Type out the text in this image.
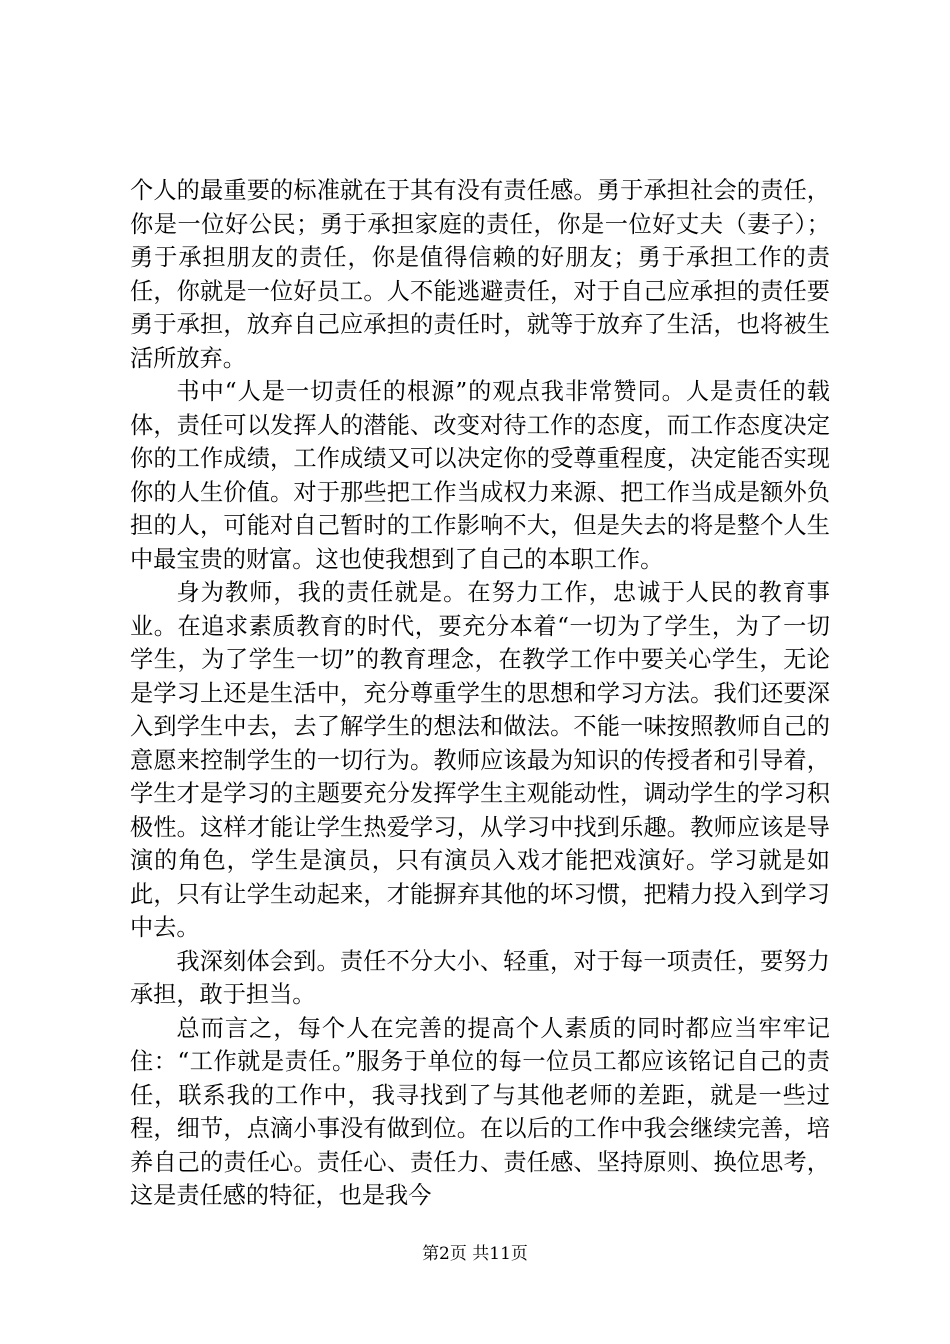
个人的最重要的标准就在于其有没有责任感。勇于承担社会的责任，你是一位好公民；勇于承担家庭的责任，你是一位好丈夫（妻子）；勇于承担朋友的责任，你是值得信赖的好朋友；勇于承担工作的责任，你就是一位好员工。人不能逃避责任，对于自己应承担的责任要勇于承担，放弃自己应承担的责任时，就等于放弃了生活，也将被生活所放弃。

书中“人是一切责任的根源”的观点我非常赞同。人是责任的载体，责任可以发挥人的潜能、改变对待工作的态度，而工作态度决定你的工作成绩，工作成绩又可以决定你的受尊重程度，决定能否实现你的人生价值。对于那些把工作当成权力来源、把工作当成是额外负担的人，可能对自己暂时的工作影响不大，但是失去的将是整个人生中最宝贵的财富。这也使我想到了自己的本职工作。

身为教师，我的责任就是。在努力工作，忠诚于人民的教育事业。在追求素质教育的时代，要充分本着“一切为了学生，为了一切学生，为了学生一切”的教育理念，在教学工作中要关心学生，无论是学习上还是生活中，充分尊重学生的思想和学习方法。我们还要深入到学生中去，去了解学生的想法和做法。不能一味按照教师自己的意愿来控制学生的一切行为。教师应该最为知识的传授者和引导着，学生才是学习的主题要充分发挥学生主观能动性，调动学生的学习积极性。这样才能让学生热爱学习，从学习中找到乐趣。教师应该是导演的角色，学生是演员，只有演员入戏才能把戏演好。学习就是如此，只有让学生动起来，才能摒弃其他的坏习惯，把精力投入到学习中去。

我深刻体会到。责任不分大小、轻重，对于每一项责任，要努力承担，敢于担当。

总而言之，每个人在完善的提高个人素质的同时都应当牢牢记住：“工作就是责任。”服务于单位的每一位员工都应该铭记自己的责任，联系我的工作中，我寻找到了与其他老师的差距，就是一些过程，细节，点滴小事没有做到位。在以后的工作中我会继续完善，培养自己的责任心。责任心、责任力、责任感、坚持原则、换位思考，这是责任感的特征，也是我今

第2页 共11页
